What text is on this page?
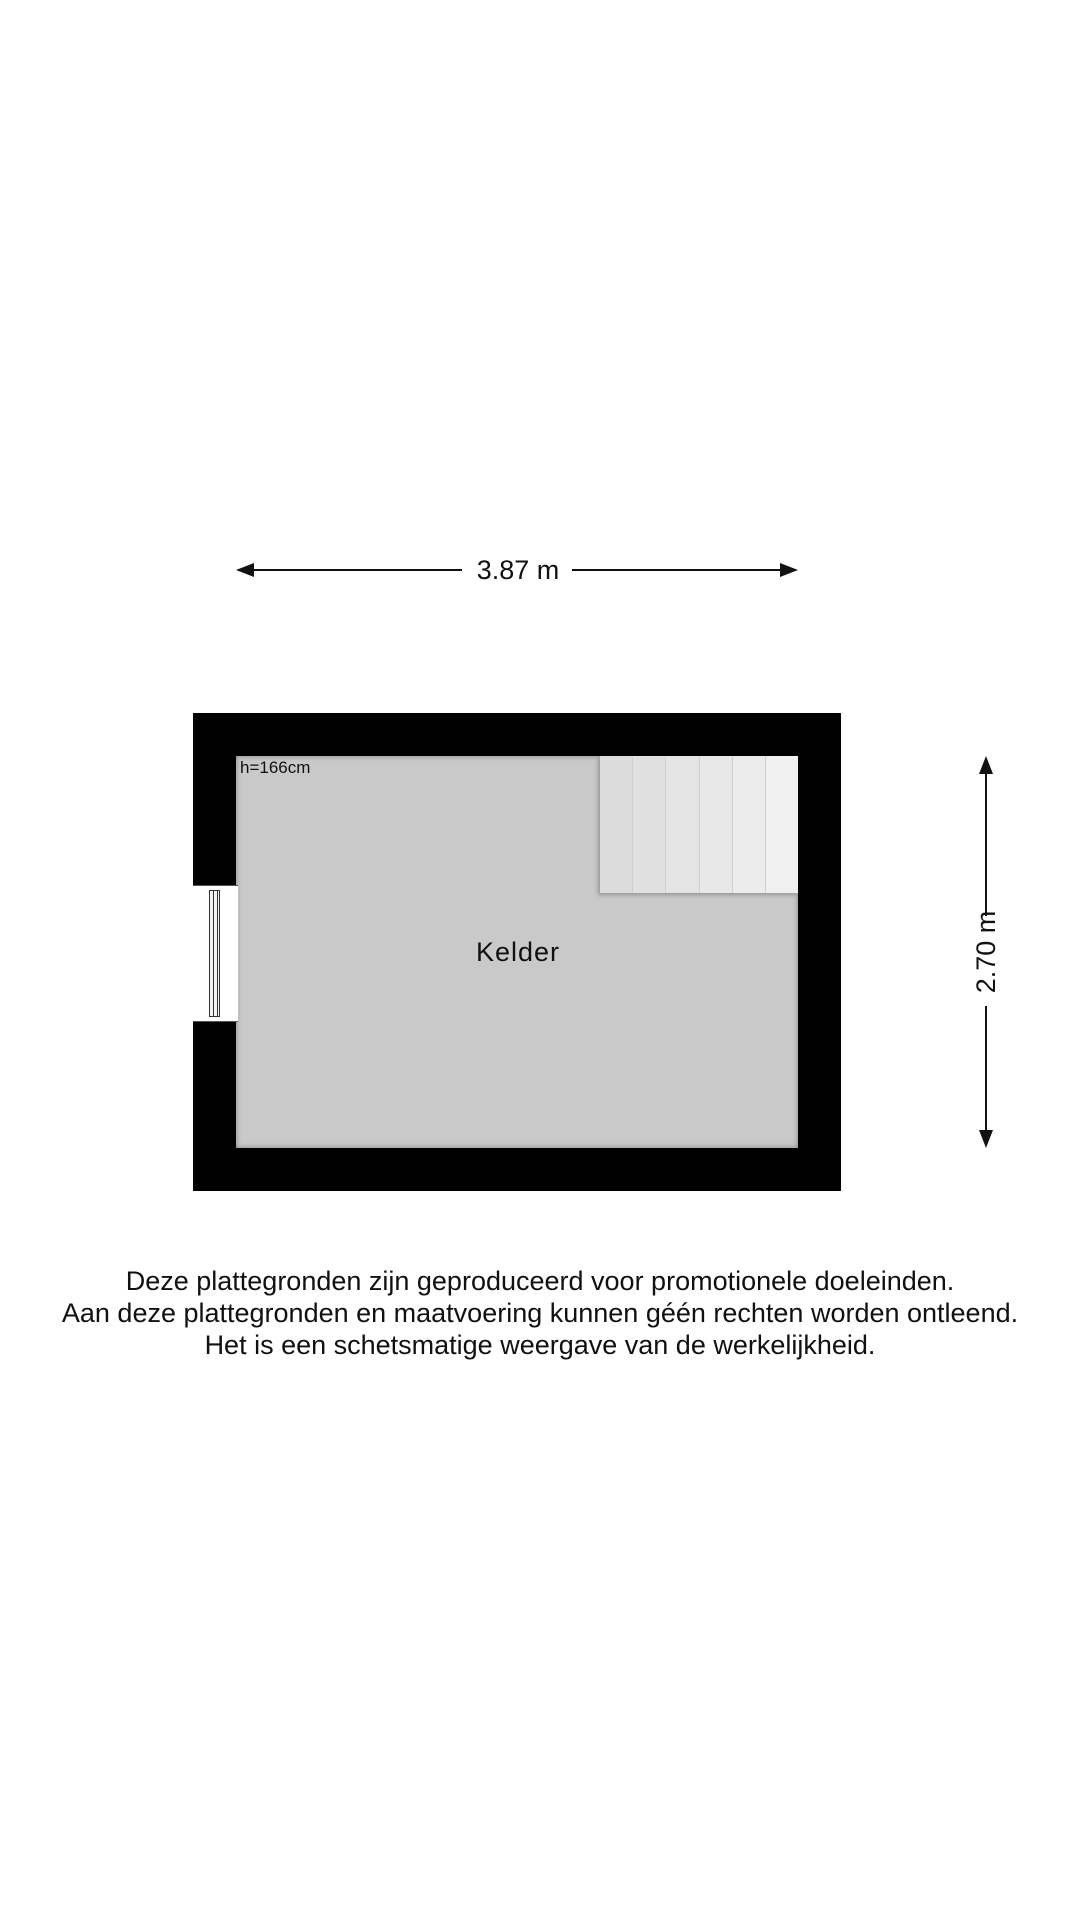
3.87 m
2.70 m
h=166cm
Kelder
Deze plattegronden zijn geproduceerd voor promotionele doeleinden.
Aan deze plattegronden en maatvoering kunnen géén rechten worden ontleend.
Het is een schetsmatige weergave van de werkelijkheid.
